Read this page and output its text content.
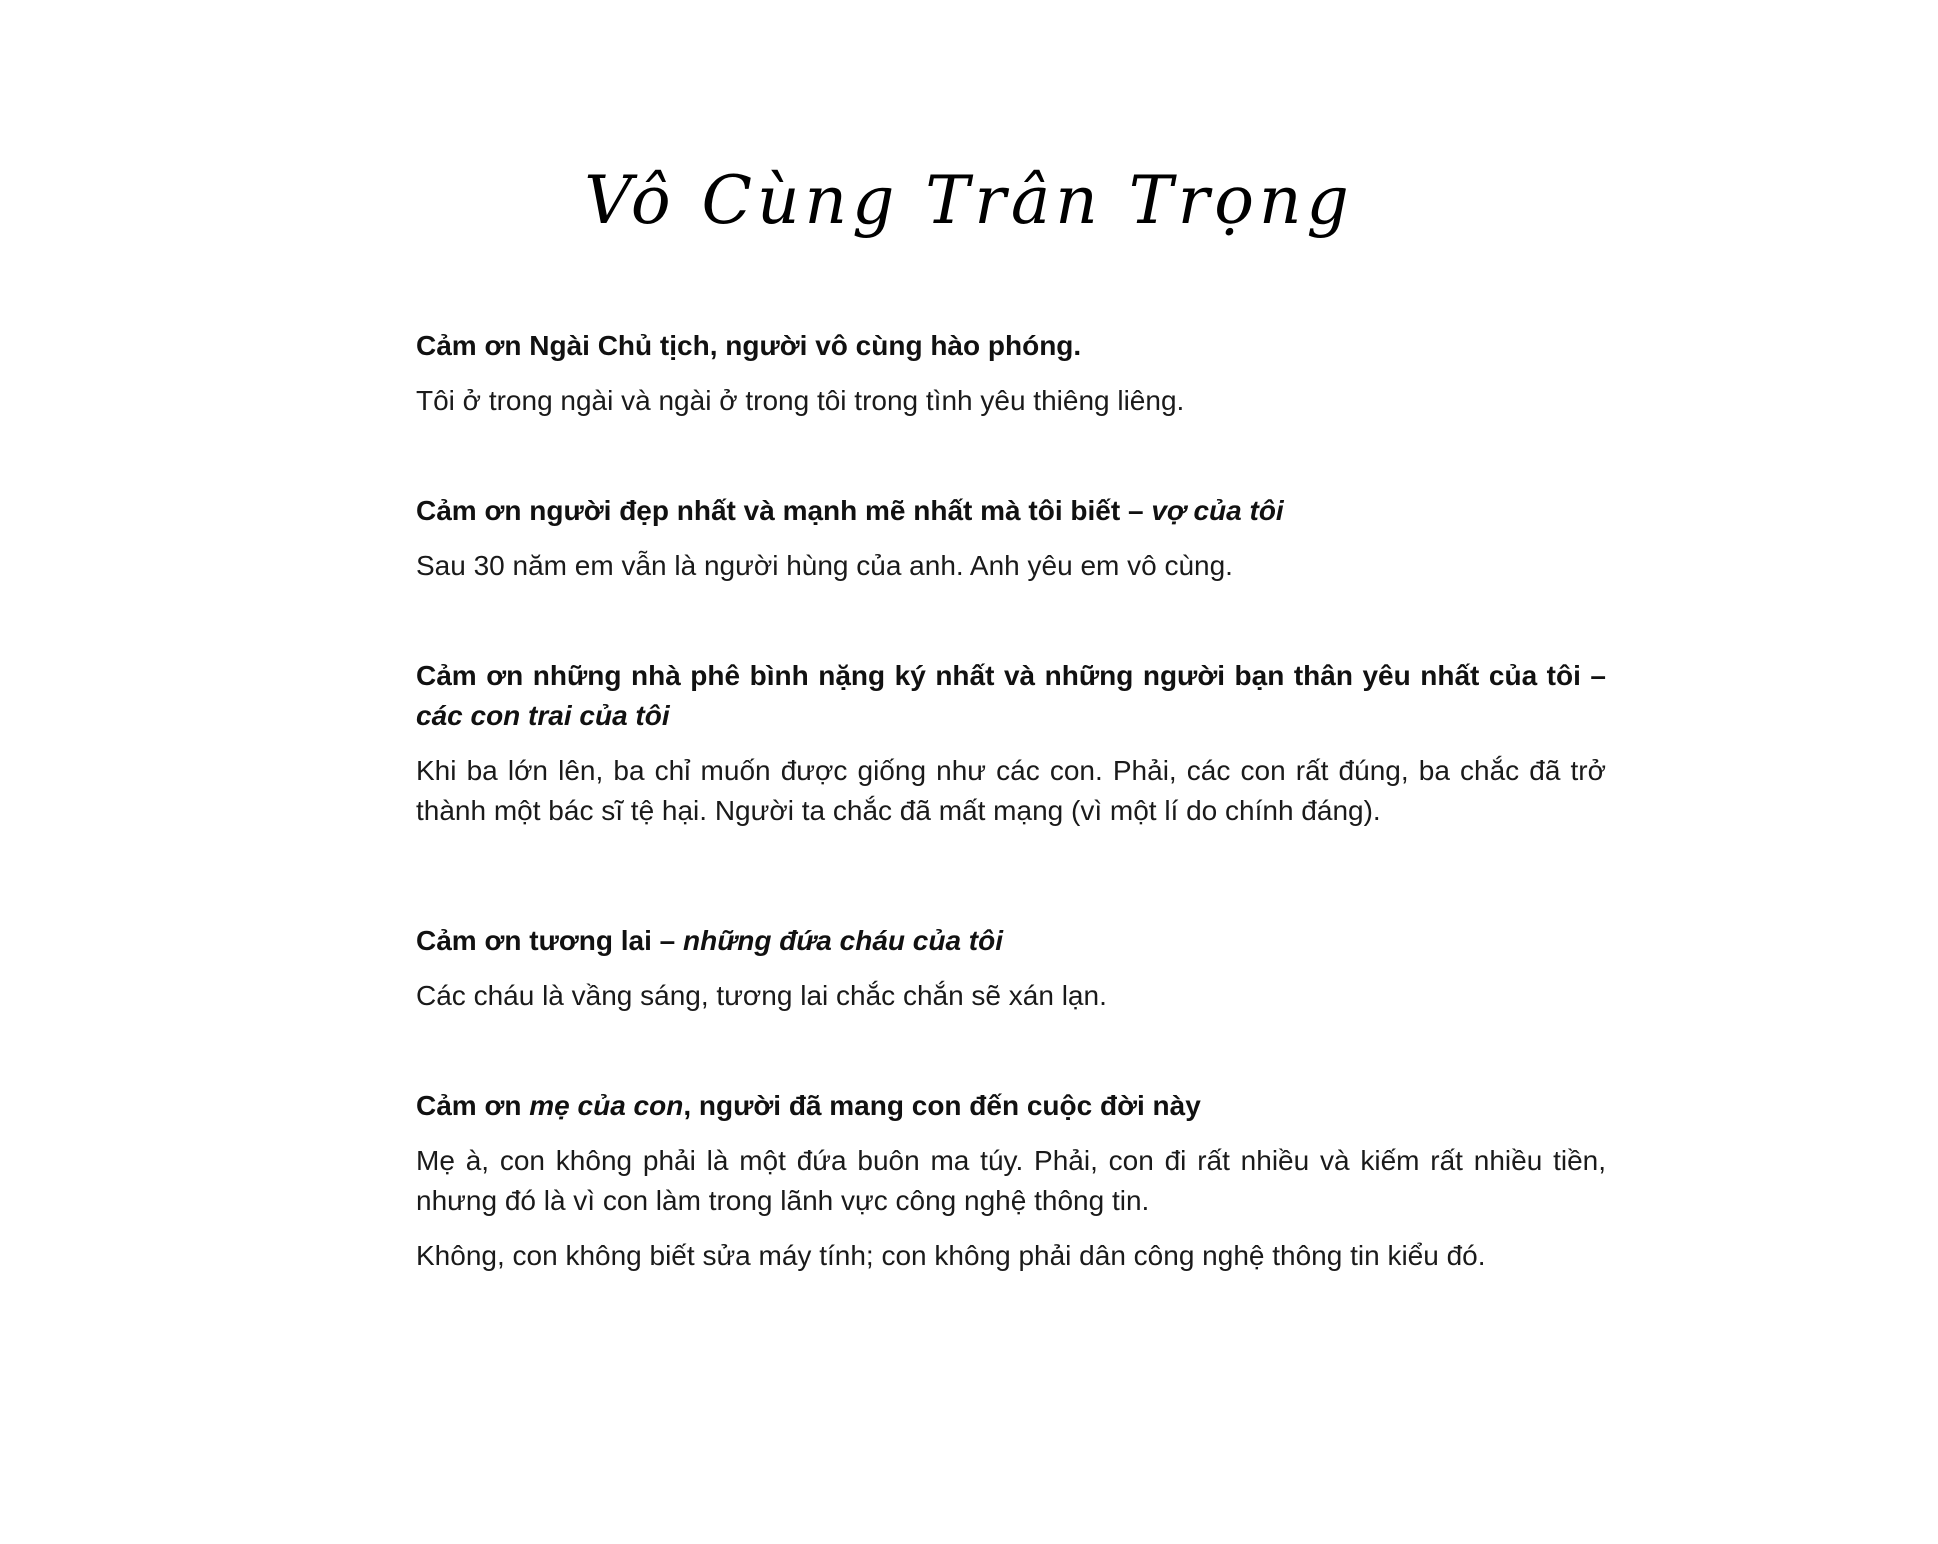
Vô Cùng Trân Trọng

Cảm ơn Ngài Chủ tịch, người vô cùng hào phóng.

Tôi ở trong ngài và ngài ở trong tôi trong tình yêu thiêng liêng.

Cảm ơn người đẹp nhất và mạnh mẽ nhất mà tôi biết – vợ của tôi

Sau 30 năm em vẫn là người hùng của anh. Anh yêu em vô cùng.

Cảm ơn những nhà phê bình nặng ký nhất và những người bạn thân yêu nhất của tôi – các con trai của tôi

Khi ba lớn lên, ba chỉ muốn được giống như các con. Phải, các con rất đúng, ba chắc đã trở thành một bác sĩ tệ hại. Người ta chắc đã mất mạng (vì một lí do chính đáng).

Cảm ơn tương lai – những đứa cháu của tôi

Các cháu là vầng sáng, tương lai chắc chắn sẽ xán lạn.

Cảm ơn mẹ của con, người đã mang con đến cuộc đời này

Mẹ à, con không phải là một đứa buôn ma túy. Phải, con đi rất nhiều và kiếm rất nhiều tiền, nhưng đó là vì con làm trong lãnh vực công nghệ thông tin.

Không, con không biết sửa máy tính; con không phải dân công nghệ thông tin kiểu đó.
